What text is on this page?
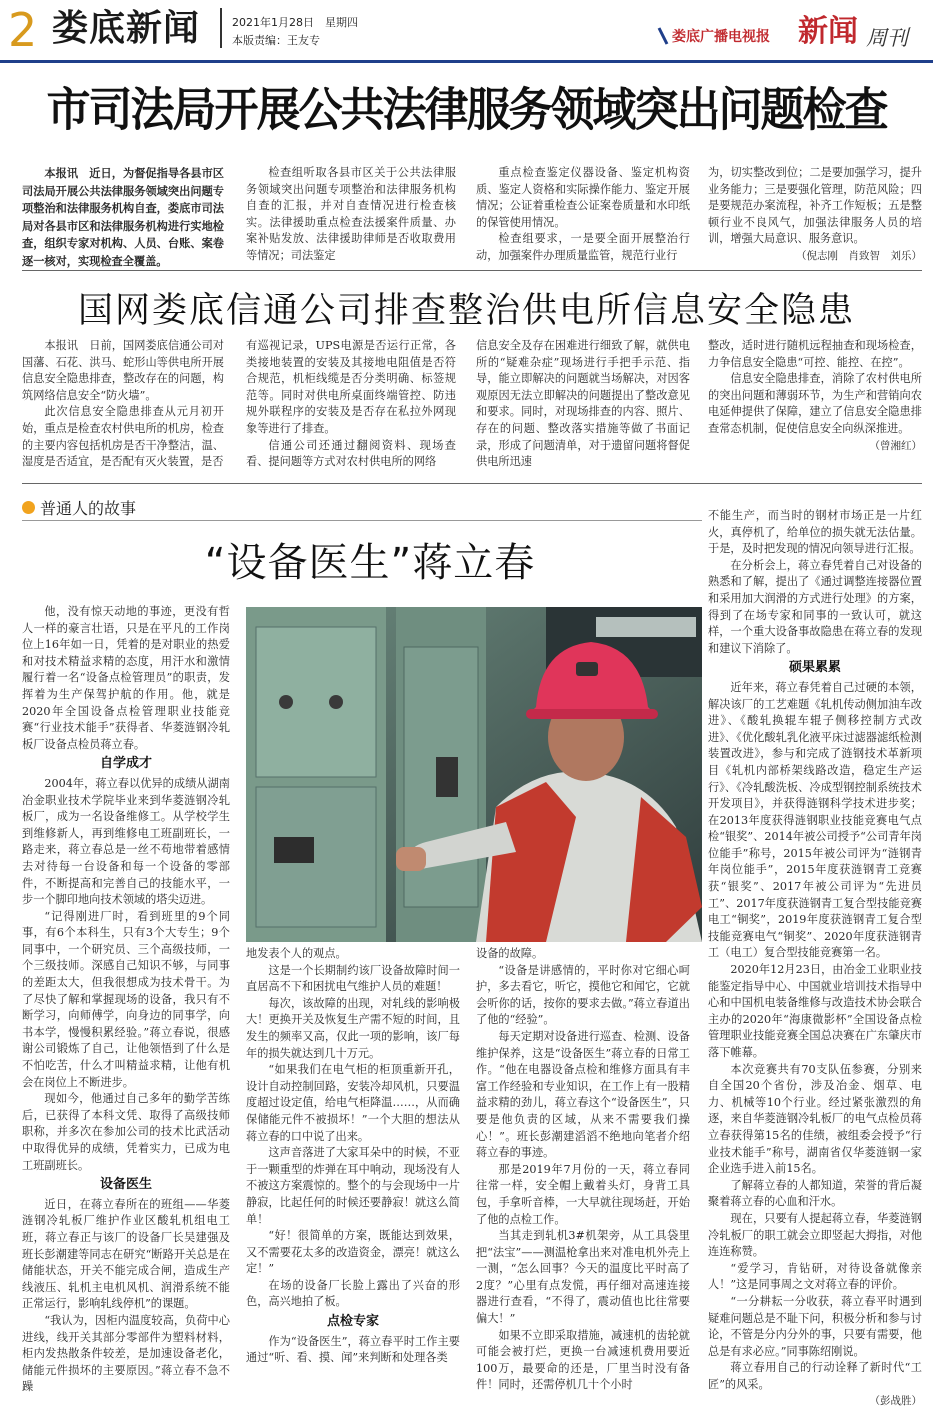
2 娄底新闻	2021年1月28日　星期四
本版责编：王友专	娄底广播电视报 新闻 周刊
市司法局开展公共法律服务领域突出问题检查

本报讯　近日，为督促指导各县市区司法局开展公共法律服务领域突出问题专项整治和法律服务机构自查，娄底市司法局对各县市区和法律服务机构进行实地检查，组织专家对机构、人员、台账、案卷逐一核对，实现检查全覆盖。

检查组听取各县市区关于公共法律服务领域突出问题专项整治和法律服务机构自查的汇报，并对自查情况进行检查核实。法律援助重点检查法援案件质量、办案补贴发放、法律援助律师是否收取费用等情况；司法鉴定

重点检查鉴定仪器设备、鉴定机构资质、鉴定人资格和实际操作能力、鉴定开展情况；公证着重检查公证案卷质量和水印纸的保管使用情况。

检查组要求，一是要全面开展整治行动，加强案件办理质量监管，规范行业行

为，切实整改到位；二是要加强学习，提升业务能力；三是要强化管理，防范风险；四是要规范办案流程，补齐工作短板；五是整顿行业不良风气，加强法律服务人员的培训，增强大局意识、服务意识。

（倪志刚　肖致智　刘乐）
国网娄底信通公司排查整治供电所信息安全隐患

本报讯　日前，国网娄底信通公司对国藩、石花、洪马、蛇形山等供电所开展信息安全隐患排查，整改存在的问题，构筑网络信息安全“防火墙”。

此次信息安全隐患排查从元月初开始，重点是检查农村供电所的机房，检查的主要内容包括机房是否干净整洁，温、湿度是否适宜，是否配有灭火装置，是否

有巡视记录，UPS电源是否运行正常，各类接地装置的安装及其接地电阻值是否符合规范，机柜线缆是否分类明确、标签规范等。同时对供电所桌面终端管控、防违规外联程序的安装及是否存在私拉外网现象等进行了排查。

信通公司还通过翻阅资料、现场查看、提问题等方式对农村供电所的网络

信息安全及存在困难进行细致了解，就供电所的“疑难杂症”现场进行手把手示范、指导，能立即解决的问题就当场解决，对因客观原因无法立即解决的问题提出了整改意见和要求。同时，对现场排查的内容、照片、存在的问题、整改落实措施等做了书面记录，形成了问题清单，对于遗留问题将督促供电所迅速

整改，适时进行随机远程抽查和现场检查，力争信息安全隐患“可控、能控、在控”。

信息安全隐患排查，消除了农村供电所的突出问题和薄弱环节，为生产和营销向农电延伸提供了保障，建立了信息安全隐患排查常态机制，促使信息安全向纵深推进。

（曾湘红）
普通人的故事
“设备医生”蒋立春

他，没有惊天动地的事迹，更没有哲人一样的豪言壮语，只是在平凡的工作岗位上16年如一日，凭着的是对职业的热爱和对技术精益求精的态度，用汗水和激情履行着一名“设备点检管理员”的职责，发挥着为生产保驾护航的作用。他，就是2020年全国设备点检管理职业技能竞赛“行业技术能手”获得者、华菱涟钢冷轧板厂设备点检员蒋立春。

自学成才

2004年，蒋立春以优异的成绩从湖南冶金职业技术学院毕业来到华菱涟钢冷轧板厂，成为一名设备维修工。从学校学生到维修新人，再到维修电工班副班长，一路走来，蒋立春总是一丝不苟地带着感情去对待每一台设备和每一个设备的零部件，不断提高和完善自己的技能水平，一步一个脚印地向技术领域的塔尖迈进。

“记得刚进厂时，看到班里的9个同事，有6个本科生，只有3个大专生；9个同事中，一个研究员、三个高级技师，一个三级技师。深感自己知识不够，与同事的差距太大，但我很想成为技术骨干。为了尽快了解和掌握现场的设备，我只有不断学习，向师傅学，向身边的同事学，向书本学，慢慢积累经验。”蒋立春说，很感谢公司锻炼了自己，让他领悟到了什么是不怕吃苦，什么才叫精益求精，让他有机会在岗位上不断进步。

现如今，他通过自己多年的勤学苦练后，已获得了本科文凭、取得了高级技师职称，并多次在参加公司的技术比武活动中取得优异的成绩，凭着实力，已成为电工班副班长。

设备医生

近日，在蒋立春所在的班组——华菱涟钢冷轧板厂维护作业区酸轧机组电工班，蒋立春正与该厂的设备厂长吴建强及班长彭潮建等同志在研究“断路开关总是在储能状态，开关不能完成合闸，造成生产线液压、轧机主电机风机、润滑系统不能正常运行，影响轧线停机”的课题。

“我认为，因柜内温度较高，负荷中心进线，线开关其部分零部件为塑料材料，柜内发热散条件较差，是加速设备老化，储能元件损坏的主要原因。”蒋立春不急不躁

地发表个人的观点。

这是一个长期制约该厂设备故障时间一直居高不下和困扰电气维护人员的难题！

每次，该故障的出现，对轧线的影响极大！更换开关及恢复生产需不短的时间，且发生的频率又高，仅此一项的影响，该厂每年的损失就达到几十万元。

“如果我们在电气柜的柜顶重新开孔，设计自动控制回路，安装冷却风机，只要温度超过设定值，给电气柜降温……，从而确保储能元件不被损坏！”一个大胆的想法从蒋立春的口中说了出来。

这声音落进了大家耳朵中的时候，不亚于一颗重型的炸弹在耳中响动，现场没有人不被这方案震惊的。整个的与会现场中一片静寂，比起任何的时候还要静寂！就这么简单！

“好！很简单的方案，既能达到效果，又不需要花太多的改造资金，漂亮！就这么定！”

在场的设备厂长脸上露出了兴奋的形色，高兴地拍了板。

点检专家

作为“设备医生”，蒋立春平时工作主要通过“听、看、摸、闻”来判断和处理各类

设备的故障。

“设备是讲感情的，平时你对它细心呵护，多去看它，听它，摸他它和闻它，它就会听你的话，按你的要求去做。”蒋立春道出了他的“经验”。

每天定期对设备进行巡查、检测、设备维护保养，这是“设备医生”蒋立春的日常工作。“他在电器设备点检和维修方面具有丰富工作经验和专业知识，在工作上有一股精益求精的劲儿，蒋立春这个“设备医生”，只要是他负责的区域，从来不需要我们操心！”。班长彭潮建滔滔不绝地向笔者介绍蒋立春的事迹。

那是2019年7月份的一天，蒋立春同往常一样，安全帽上戴着头灯，身背工具包，手拿听音棒，一大早就往现场赶，开始了他的点检工作。

当其走到轧机3#机架旁，从工具袋里把“法宝”——测温枪拿出来对准电机外壳上一测，“怎么回事？今天的温度比平时高了2度？”心里有点发慌，再仔细对高速连接器进行查看，“不得了，震动值也比往常要偏大！”

如果不立即采取措施，减速机的齿轮就可能会被打烂，更换一台减速机费用要近100万，最要命的还是，厂里当时没有备件！同时，还需停机几十个小时

不能生产，而当时的钢材市场正是一片红火，真停机了，给单位的损失就无法估量。于是，及时把发现的情况向领导进行汇报。

在分析会上，蒋立春凭着自己对设备的熟悉和了解，提出了《通过调整连接器位置和采用加大润滑的方式进行处理》的方案，得到了在场专家和同事的一致认可，就这样，一个重大设备事故隐患在蒋立春的发现和建议下消除了。

硕果累累

近年来，蒋立春凭着自己过硬的本领，解决该厂的工艺难题《轧机传动侧加油车改进》、《酸轧换辊车辊子侧移控制方式改进》、《优化酸轧乳化液平床过滤器滤纸检测装置改进》，参与和完成了涟钢技术革新项目《轧机内部桥架线路改造，稳定生产运行》、《冷轧酸洗板、冷成型钢控制系统技术开发项目》，并获得涟钢科学技术进步奖；在2013年度获得涟钢职业技能竞赛电气点检“银奖”、2014年被公司授予“公司青年岗位能手”称号，2015年被公司评为“涟钢青年岗位能手”，2015年度获涟钢青工竞赛获“银奖”、2017年被公司评为“先进员工”、2017年度获涟钢青工复合型技能竞赛电工“铜奖”，2019年度获涟钢青工复合型技能竞赛电气“铜奖”、2020年度获涟钢青工（电工）复合型技能竞赛第一名。

2020年12月23日，由冶金工业职业技能鉴定指导中心、中国就业培训技术指导中心和中国机电装备维修与改造技术协会联合主办的2020年“海康微影杯”全国设备点检管理职业技能竞赛全国总决赛在广东肇庆市落下帷幕。

本次竞赛共有70支队伍参赛，分别来自全国20个省份，涉及冶金、烟草、电力、机械等10个行业。经过紧张激烈的角逐，来自华菱涟钢冷轧板厂的电气点检员蒋立春获得第15名的佳绩，被组委会授予“行业技术能手”称号，湖南省仅华菱涟钢一家企业选手进入前15名。

了解蒋立春的人都知道，荣誉的背后凝聚着蒋立春的心血和汗水。

现在，只要有人提起蒋立春，华菱涟钢冷轧板厂的职工就会立即竖起大拇指，对他连连称赞。

“爱学习，肯钻研，对待设备就像亲人！”这是同事周之文对蒋立春的评价。

“一分耕耘一分收获，蒋立春平时遇到疑难问题总是不耻下问，积极分析和参与讨论，不管是分内分外的事，只要有需要，他总是有求必应。”同事陈绍刚说。

蒋立春用自己的行动诠释了新时代“工匠”的风采。

（彭战胜）
